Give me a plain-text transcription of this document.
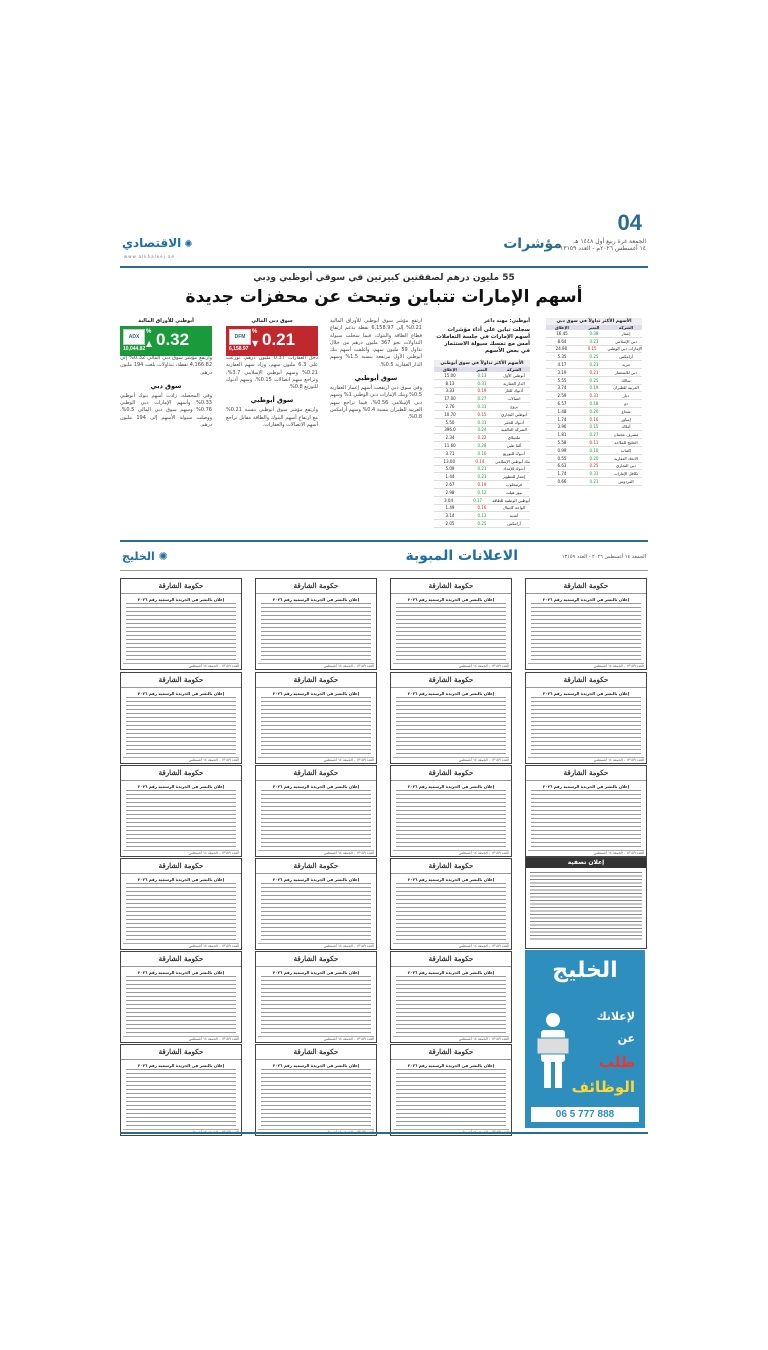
04
الجمعة غرة ربيع أول ١٤٤٨ هـ
١٤ أغسطس ٢٠٢٦م - العدد ١٣١٥٩
مؤشرات
الاقتصادي ✺
www.alkhaleej.ae
55 مليون درهم لصفقتين كبيرتين في سوقي أبوظبي ودبي
أسهم الإمارات تتباين وتبحث عن محفزات جديدة
أبوظبي للأوراق المالية
ADX
%
▲ 0.32
10,044.82
سوق دبي المالي
DFM
%
▼ 0.21
6,158.97
وارتفع مؤشر سوق دبي المالي 0.32% إلى 4,166.82 نقطة، بتداولات بلغت 194 مليون درهم.
سوق دبي
وفي المحصلة، زادت أسهم بنوك أبوظبي 0.33% وأسهم الإمارات دبي الوطني 0.76% وسهم سوق دبي المالي 0.5%، ووصلت سيولة الأسهم إلى 194 مليون درهم.
دخل العقارات 0.37 مليون درهم، توزعت على 6.3 مليون سهم، وزاد سهم العقارية 0.21% وسهم أبوظبي الإسلامي 3.7%، وتراجع سهم اتصالات 0.15%، وسهم أدنوك للتوزيع 0.8%.
سوق أبوظبي
وارتفع مؤشر سوق أبوظبي بنسبة 0.21% مع ارتفاع أسهم البنوك والطاقة مقابل تراجع أسهم الاتصالات والعقارات.
ارتفع مؤشر سوق أبوظبي للأوراق المالية 0.21% إلى 6,158.97 نقطة بدعم ارتفاع قطاع الطاقة والبنوك، فيما سجلت سيولة التداولات نحو 367 مليون درهم من خلال تداول 59 مليون سهم، وأغلقت أسهم بنك أبوظبي الأول مرتفعة بنسبة 1.5% وسهم الدار العقارية 0.5%.
سوق أبوظبي
وفي سوق دبي ارتفعت أسهم إعمار العقارية 0.5% وبنك الإمارات دبي الوطني 1% وسهم دبي الإسلامي 0.56%، فيما تراجع سهم العربية للطيران بنسبة 0.4% وسهم أرامكس 0.8%.
أبوظبي: مهند داغر
سجلت تباين على أداء مؤشرات أسهم الإمارات في جلسة التعاملات أمس مع تمسك سيولة الاستثمار في بعض الأسهم
الأسهم الأكثر تداولاً في سوق أبوظبي
الشركة
التغير
الإغلاق
أبوظبي الأول
0.13
15.00
الدار العقارية
0.31
8.13
أدنوك للغاز
0.19
3.33
اتصالات
0.27
17.00
بروج
0.31
2.76
أبوظبي التجاري
0.15
10.70
أدنوك للحفر
0.31
5.50
الشركة العالمية
0.24
396.0
ملتيبلاي
0.22
2.34
ألفا ظبي
0.28
11.60
أدنوك للتوزيع
0.16
3.71
بنك أبوظبي الإسلامي
0.14
13.00
أدنوك للإمداد
0.21
5.09
إعمار للتطوير
0.23
1.44
فرتيجلوب
0.19
2.67
بيور هيلث
0.12
2.98
أبوظبي الوطنية للطاقة
0.17
3.04
الواحة كابيتال
0.16
1.49
أغذية
0.13
3.14
أرامكس
0.25
2.05
الأسهم الأكثر تداولاً في سوق دبي
الشركة
التغير
الإغلاق
إعمار
0.38
16.45
دبي الإسلامي
0.23
8.64
الإمارات دبي الوطني
0.15
24.90
أرامكس
0.25
5.35
تبريد
0.23
4.17
دبي للاستثمار
0.21
3.19
سالك
0.25
5.55
العربية للطيران
0.19
3.74
ديار
0.31
2.59
دو
0.18
6.57
شعاع
0.20
1.48
إمباور
0.16
1.74
أملاك
0.15
3.96
مصرف عجمان
0.27
1.81
الخليج للملاحة
0.11
5.58
اكتتاب
0.10
0.99
الاتحاد العقارية
0.20
0.55
دبي التجاري
0.25
6.63
تكافل الإمارات
0.31
1.74
الفردوس
0.21
0.66
الاعلانات المبوبة	الجمعة ١٤ أغسطس ٢٠٢٦ - العدد ١٣١٥٩
الخليج ✺
حكومة الشارقة
إعلان بالنشر في الجريدة الرسمية رقم ٢٠٢٦
العدد ١٣١٥٩ - الجمعة ١٤ أغسطس
حكومة الشارقة
إعلان بالنشر في الجريدة الرسمية رقم ٢٠٢٦
العدد ١٣١٥٩ - الجمعة ١٤ أغسطس
حكومة الشارقة
إعلان بالنشر في الجريدة الرسمية رقم ٢٠٢٦
العدد ١٣١٥٩ - الجمعة ١٤ أغسطس
حكومة الشارقة
إعلان بالنشر في الجريدة الرسمية رقم ٢٠٢٦
العدد ١٣١٥٩ - الجمعة ١٤ أغسطس
حكومة الشارقة
إعلان بالنشر في الجريدة الرسمية رقم ٢٠٢٦
العدد ١٣١٥٩ - الجمعة ١٤ أغسطس
حكومة الشارقة
إعلان بالنشر في الجريدة الرسمية رقم ٢٠٢٦
العدد ١٣١٥٩ - الجمعة ١٤ أغسطس
حكومة الشارقة
إعلان بالنشر في الجريدة الرسمية رقم ٢٠٢٦
العدد ١٣١٥٩ - الجمعة ١٤ أغسطس
حكومة الشارقة
إعلان بالنشر في الجريدة الرسمية رقم ٢٠٢٦
العدد ١٣١٥٩ - الجمعة ١٤ أغسطس
حكومة الشارقة
إعلان بالنشر في الجريدة الرسمية رقم ٢٠٢٦
العدد ١٣١٥٩ - الجمعة ١٤ أغسطس
حكومة الشارقة
إعلان بالنشر في الجريدة الرسمية رقم ٢٠٢٦
العدد ١٣١٥٩ - الجمعة ١٤ أغسطس
حكومة الشارقة
إعلان بالنشر في الجريدة الرسمية رقم ٢٠٢٦
العدد ١٣١٥٩ - الجمعة ١٤ أغسطس
حكومة الشارقة
إعلان بالنشر في الجريدة الرسمية رقم ٢٠٢٦
العدد ١٣١٥٩ - الجمعة ١٤ أغسطس
حكومة الشارقة
إعلان بالنشر في الجريدة الرسمية رقم ٢٠٢٦
العدد ١٣١٥٩ - الجمعة ١٤ أغسطس
حكومة الشارقة
إعلان بالنشر في الجريدة الرسمية رقم ٢٠٢٦
العدد ١٣١٥٩ - الجمعة ١٤ أغسطس
حكومة الشارقة
إعلان بالنشر في الجريدة الرسمية رقم ٢٠٢٦
العدد ١٣١٥٩ - الجمعة ١٤ أغسطس
حكومة الشارقة
إعلان بالنشر في الجريدة الرسمية رقم ٢٠٢٦
العدد ١٣١٥٩ - الجمعة ١٤ أغسطس
حكومة الشارقة
إعلان بالنشر في الجريدة الرسمية رقم ٢٠٢٦
العدد ١٣١٥٩ - الجمعة ١٤ أغسطس
حكومة الشارقة
إعلان بالنشر في الجريدة الرسمية رقم ٢٠٢٦
العدد ١٣١٥٩ - الجمعة ١٤ أغسطس
حكومة الشارقة
إعلان بالنشر في الجريدة الرسمية رقم ٢٠٢٦
حكومة الشارقة
إعلان بالنشر في الجريدة الرسمية رقم ٢٠٢٦
حكومة الشارقة
إعلان بالنشر في الجريدة الرسمية رقم ٢٠٢٦
إعلان تصفية
الخليج
لإعلانك
عن
طلب
الوظائف
06 5 777 888
